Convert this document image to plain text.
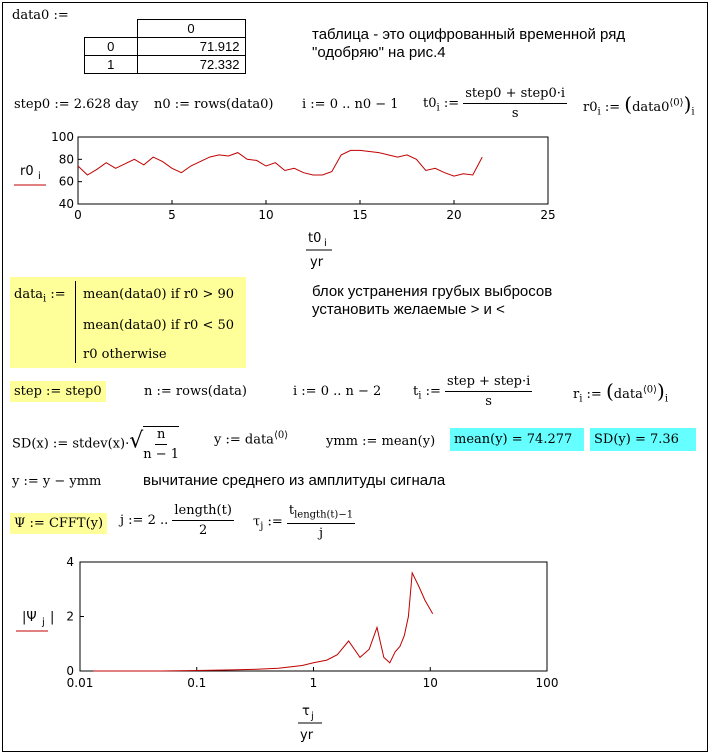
data0 :=
	0
0	71.912
1	72.332
таблица - это оцифрованный временной ряд
"одобряю" на рис.4
step0 := 2.628 day n0 := rows(data0) i := 0 .. n0 − 1 $t0_i$ := $\frac{\text{step0 + step0·i}}{s} r0_i$ := $(data0^{⟨0⟩})_i$
r0 i
100
80
60
40
0	5	10	15	20	25
t0 i
yr
data$_i$ := mean(data0) if r0 > 90
mean(data0) if r0 < 50
r0 otherwise
блок устранения грубых выбросов
установить желаемые > и <
step := step0	n := rows(data)	i := 0 .. n − 2 $t_i$ := $\frac{\text{step + step·i}}{s}$	$r_i$ := $(data^{⟨0⟩})_i$
SD(x) := stdev(x)·√ $\frac{n}{n - 1}$	y := data$^{⟨0⟩}$	ymm := mean(y)	mean(y) = 74.277	SD(y) = 7.36
y := y − ymm	вычитание среднего из амплитуды сигнала
Ψ := CFFT(y)	j := 2 .. $\frac{\text{length(t)}}{2} \tau_j$ := $\frac{t_{length(t)-1}}{j}$
|Ψ j |
4
2
0
0.01	0.1	1	10	100
τ j
yr
